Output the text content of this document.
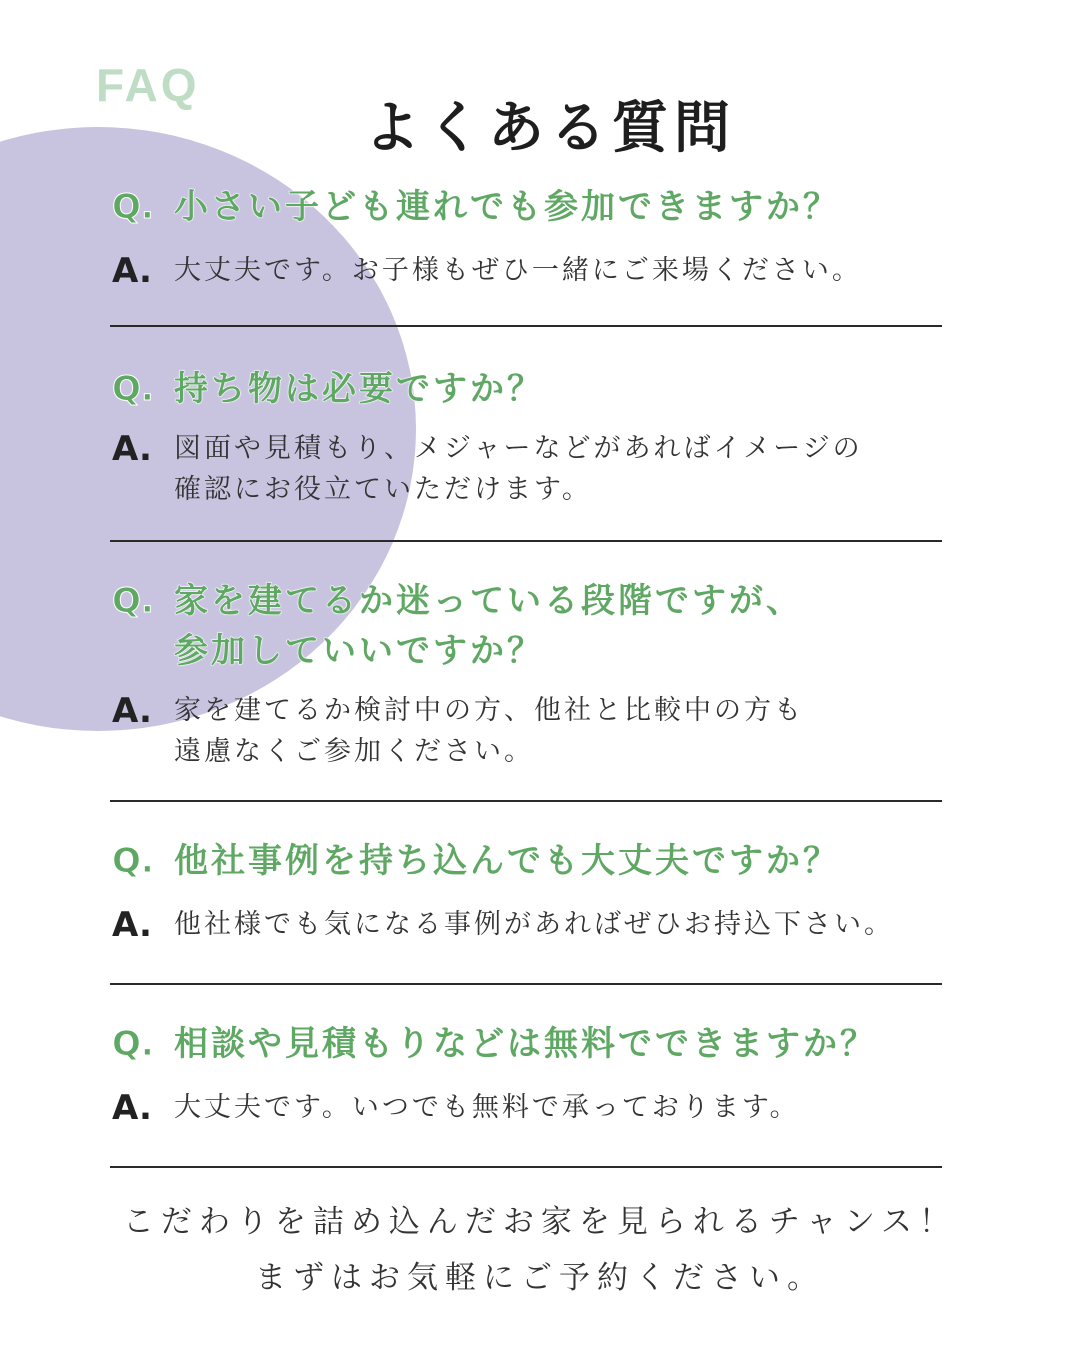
FAQ
よくある質問
Q. 小さい子ども連れでも参加できますか？
A. 大丈夫です。お子様もぜひ一緒にご来場ください。
Q. 持ち物は必要ですか？
A. 図面や見積もり、メジャーなどがあればイメージの
確認にお役立ていただけます。
Q. 家を建てるか迷っている段階ですが、
参加していいですか？
A. 家を建てるか検討中の方、他社と比較中の方も
遠慮なくご参加ください。
Q. 他社事例を持ち込んでも大丈夫ですか？
A. 他社様でも気になる事例があればぜひお持込下さい。
Q. 相談や見積もりなどは無料でできますか？
A. 大丈夫です。いつでも無料で承っております。
こだわりを詰め込んだお家を見られるチャンス！
まずはお気軽にご予約ください。
